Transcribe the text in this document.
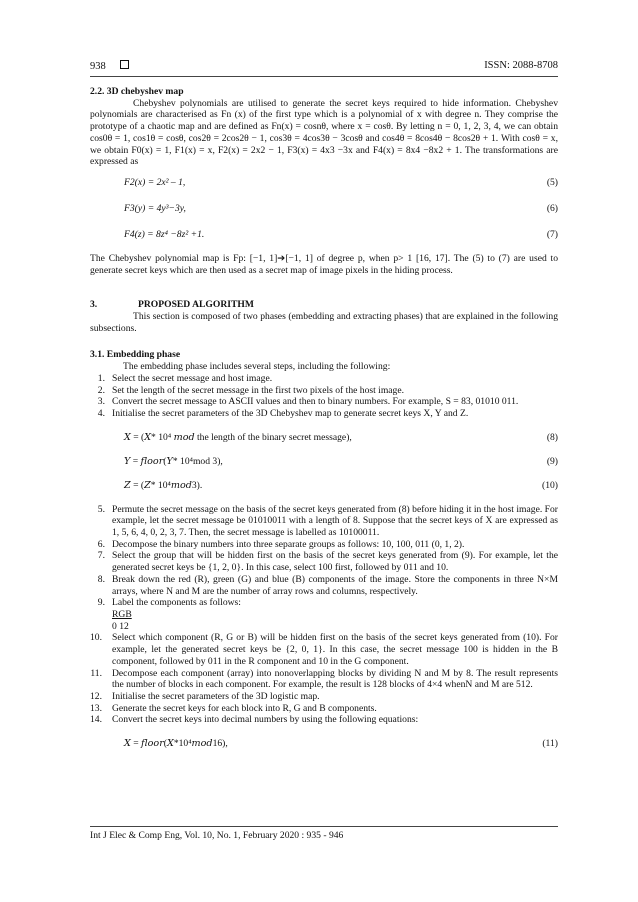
938	ISSN: 2088-8708
2.2. 3D chebyshev map

Chebyshev polynomials are utilised to generate the secret keys required to hide information. Chebyshev polynomials are characterised as Fn (x) of the first type which is a polynomial of x with degree n. They comprise the prototype of a chaotic map and are defined as Fn(x) = cosnθ, where x = cosθ. By letting n = 0, 1, 2, 3, 4, we can obtain cos0θ = 1, cos1θ = cosθ, cos2θ = 2cos2θ − 1, cos3θ = 4cos3θ − 3cosθ and cos4θ = 8cos4θ − 8cos2θ + 1. With cosθ = x, we obtain F0(x) = 1, F1(x) = x, F2(x) = 2x2 − 1, F3(x) = 4x3 −3x and F4(x) = 8x4 −8x2 + 1. The transformations are expressed as

F2(x) = 2x² – 1,	(5)
F3(y) = 4y³−3y,	(6)
F4(z) = 8z⁴ −8z² +1.	(7)

The Chebyshev polynomial map is Fp: [−1, 1]➔[−1, 1] of degree p, when p> 1 [16, 17]. The (5) to (7) are used to generate secret keys which are then used as a secret map of image pixels in the hiding process.

3.	PROPOSED ALGORITHM

This section is composed of two phases (embedding and extracting phases) that are explained in the following subsections.

3.1. Embedding phase

The embedding phase includes several steps, including the following:

1. Select the secret message and host image.
2. Set the length of the secret message in the first two pixels of the host image.
3. Convert the secret message to ASCII values and then to binary numbers. For example, S = 83, 01010 011.
4. Initialise the secret parameters of the 3D Chebyshev map to generate secret keys X, Y and Z.
𝑋 = (𝑋* 10⁴ 𝑚𝑜𝑑 the length of the binary secret message),	(8)
𝑌 = 𝑓𝑙𝑜𝑜𝑟(𝑌* 10⁴mod 3),	(9)
𝑍 = (𝑍* 10⁴𝑚𝑜𝑑3).	(10)
5. Permute the secret message on the basis of the secret keys generated from (8) before hiding it in the host image. For example, let the secret message be 01010011 with a length of 8. Suppose that the secret keys of X are expressed as 1, 5, 6, 4, 0, 2, 3, 7. Then, the secret message is labelled as 10100011.
6. Decompose the binary numbers into three separate groups as follows: 10, 100, 011 (0, 1, 2).
7. Select the group that will be hidden first on the basis of the secret keys generated from (9). For example, let the generated secret keys be {1, 2, 0}. In this case, select 100 first, followed by 011 and 10.
8. Break down the red (R), green (G) and blue (B) components of the image. Store the components in three N×M arrays, where N and M are the number of array rows and columns, respectively.
9. Label the components as follows:
RGB
0 12
10. Select which component (R, G or B) will be hidden first on the basis of the secret keys generated from (10). For example, let the generated secret keys be {2, 0, 1}. In this case, the secret message 100 is hidden in the B component, followed by 011 in the R component and 10 in the G component.
11. Decompose each component (array) into nonoverlapping blocks by dividing N and M by 8. The result represents the number of blocks in each component. For example, the result is 128 blocks of 4×4 whenN and M are 512.
12. Initialise the secret parameters of the 3D logistic map.
13. Generate the secret keys for each block into R, G and B components.
14. Convert the secret keys into decimal numbers by using the following equations:
𝑋 = 𝑓𝑙𝑜𝑜𝑟(𝑋*10⁴𝑚𝑜𝑑16),	(11)
Int J Elec & Comp Eng, Vol. 10, No. 1, February 2020 : 935 - 946
